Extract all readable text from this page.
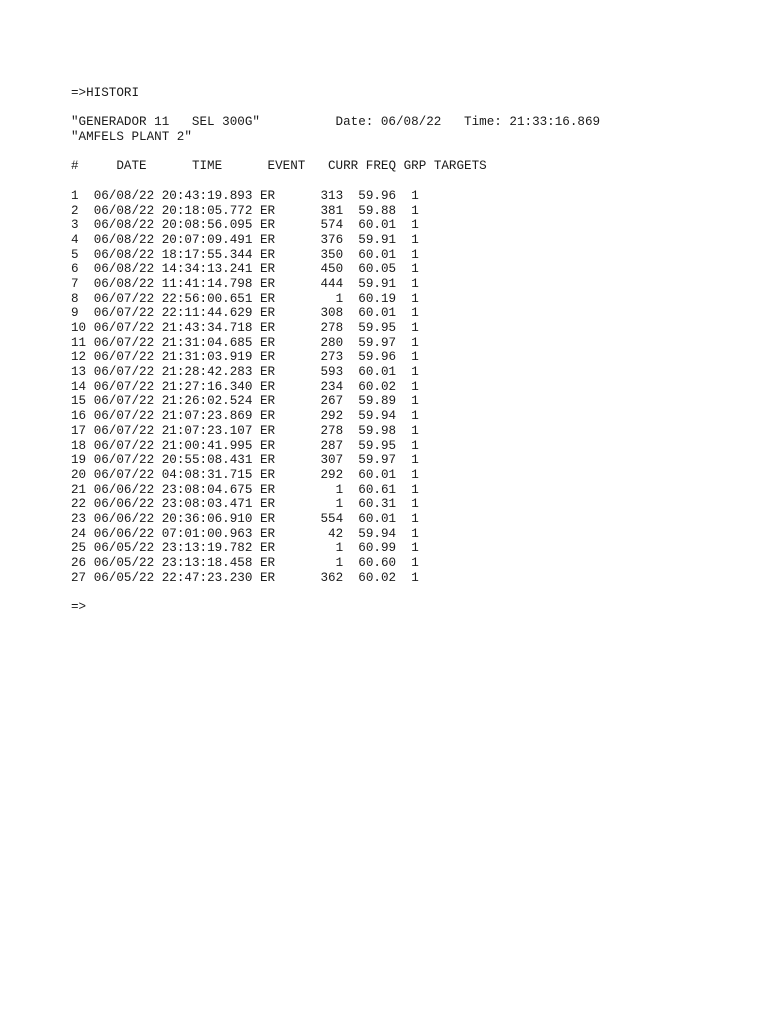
=>HISTORI
"GENERADOR 11   SEL 300G"	Date: 06/08/22 Time: 21:33:16.869
"AMFELS PLANT 2"
#     DATE      TIME      EVENT   CURR FREQ GRP TARGETS
1  06/08/22 20:43:19.893 ER      313 59.96 1
2  06/08/22 20:18:05.772 ER      381 59.88 1
3  06/08/22 20:08:56.095 ER      574 60.01 1
4  06/08/22 20:07:09.491 ER      376 59.91 1
5  06/08/22 18:17:55.344 ER      350 60.01 1
6  06/08/22 14:34:13.241 ER      450 60.05 1
7  06/08/22 11:41:14.798 ER      444 59.91 1
8  06/07/22 22:56:00.651 ER        1 60.19 1
9  06/07/22 22:11:44.629 ER      308 60.01 1
10 06/07/22 21:43:34.718 ER      278 59.95 1
11 06/07/22 21:31:04.685 ER      280 59.97 1
12 06/07/22 21:31:03.919 ER      273 59.96 1
13 06/07/22 21:28:42.283 ER      593 60.01 1
14 06/07/22 21:27:16.340 ER      234 60.02 1
15 06/07/22 21:26:02.524 ER      267 59.89 1
16 06/07/22 21:07:23.869 ER      292 59.94 1
17 06/07/22 21:07:23.107 ER      278 59.98 1
18 06/07/22 21:00:41.995 ER      287 59.95 1
19 06/07/22 20:55:08.431 ER      307 59.97 1
20 06/07/22 04:08:31.715 ER      292 60.01 1
21 06/06/22 23:08:04.675 ER        1 60.61 1
22 06/06/22 23:08:03.471 ER        1 60.31 1
23 06/06/22 20:36:06.910 ER      554 60.01 1
24 06/06/22 07:01:00.963 ER       42 59.94 1
25 06/05/22 23:13:19.782 ER        1 60.99 1
26 06/05/22 23:13:18.458 ER        1 60.60 1
27 06/05/22 22:47:23.230 ER      362 60.02 1
=>
